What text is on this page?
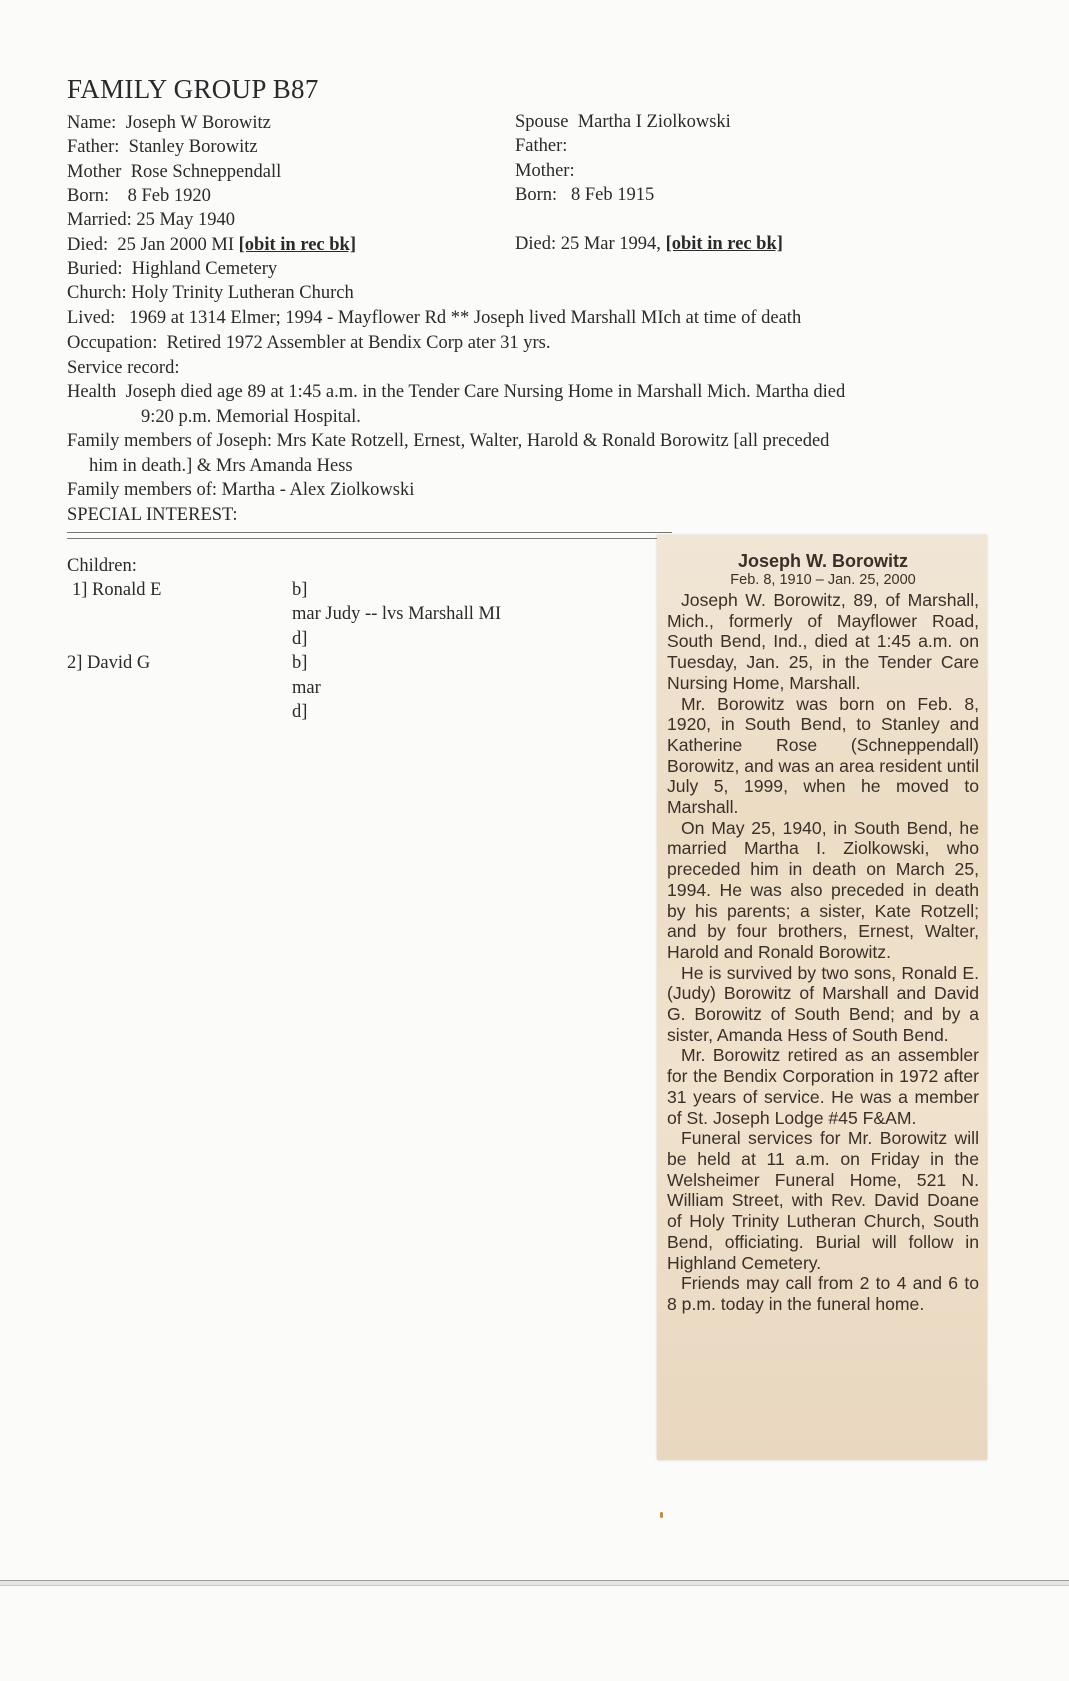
FAMILY GROUP B87
Name: Joseph W Borowitz
Father: Stanley Borowitz
Mother Rose Schneppendall
Born: 8 Feb 1920
Married: 25 May 1940
Died: 25 Jan 2000 MI [obit in rec bk]
Buried: Highland Cemetery
Church: Holy Trinity Lutheran Church
Spouse Martha I Ziolkowski
Father:
Mother:
Born: 8 Feb 1915
Died: 25 Mar 1994, [obit in rec bk]
Lived: 1969 at 1314 Elmer; 1994 - Mayflower Rd ** Joseph lived Marshall MIch at time of death
Occupation: Retired 1972 Assembler at Bendix Corp ater 31 yrs.
Service record:
Health Joseph died age 89 at 1:45 a.m. in the Tender Care Nursing Home in Marshall Mich. Martha died
9:20 p.m. Memorial Hospital.
Family members of Joseph: Mrs Kate Rotzell, Ernest, Walter, Harold & Ronald Borowitz [all preceded
him in death.] & Mrs Amanda Hess
Family members of: Martha - Alex Ziolkowski
SPECIAL INTEREST:
Children:
1] Ronald E	b]
mar Judy -- lvs Marshall MI
d]
2] David G	b]
mar
d]
Joseph W. Borowitz
Feb. 8, 1910 – Jan. 25, 2000

Joseph W. Borowitz, 89, of Marshall, Mich., formerly of Mayflower Road, South Bend, Ind., died at 1:45 a.m. on Tuesday, Jan. 25, in the Tender Care Nursing Home, Marshall.

Mr. Borowitz was born on Feb. 8, 1920, in South Bend, to Stanley and Katherine Rose (Schneppendall) Borowitz, and was an area resident until July 5, 1999, when he moved to Marshall.

On May 25, 1940, in South Bend, he married Martha I. Ziolkowski, who preceded him in death on March 25, 1994. He was also preceded in death by his parents; a sister, Kate Rotzell; and by four brothers, Ernest, Walter, Harold and Ronald Borowitz.

He is survived by two sons, Ronald E. (Judy) Borowitz of Marshall and David G. Borowitz of South Bend; and by a sister, Amanda Hess of South Bend.

Mr. Borowitz retired as an assembler for the Bendix Corporation in 1972 after 31 years of service. He was a member of St. Joseph Lodge #45 F&AM.

Funeral services for Mr. Borowitz will be held at 11 a.m. on Friday in the Welsheimer Funeral Home, 521 N. William Street, with Rev. David Doane of Holy Trinity Lutheran Church, South Bend, officiating. Burial will follow in Highland Cemetery.

Friends may call from 2 to 4 and 6 to 8 p.m. today in the funeral home.
